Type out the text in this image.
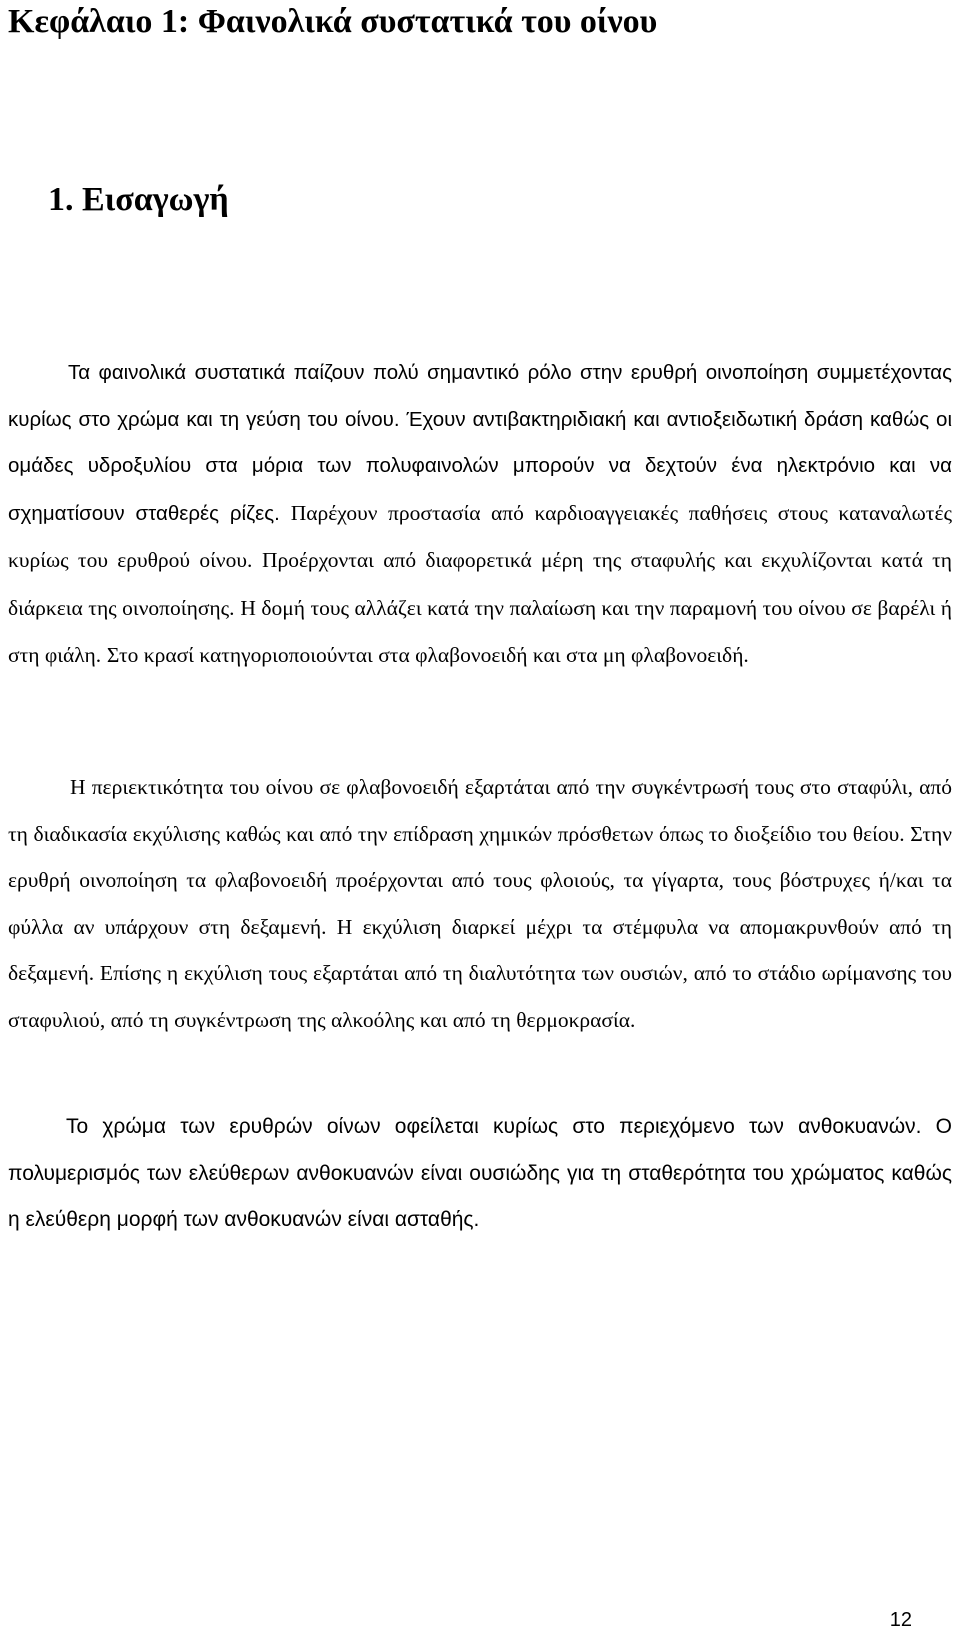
Κεφάλαιο 1: Φαινολικά συστατικά του οίνου
1. Εισαγωγή

Τα φαινολικά συστατικά παίζουν πολύ σημαντικό ρόλο στην ερυθρή οινοποίηση συμμετέχοντας κυρίως στο χρώμα και τη γεύση του οίνου. Έχουν αντιβακτηριδιακή και αντιοξειδωτική δράση καθώς οι ομάδες υδροξυλίου στα μόρια των πολυφαινολών μπορούν να δεχτούν ένα ηλεκτρόνιο και να σχηματίσουν σταθερές ρίζες. Παρέχουν προστασία από καρδιοαγγειακές παθήσεις στους καταναλωτές κυρίως του ερυθρού οίνου. Προέρχονται από διαφορετικά μέρη της σταφυλής και εκχυλίζονται κατά τη διάρκεια της οινοποίησης. Η δομή τους αλλάζει κατά την παλαίωση και την παραμονή του οίνου σε βαρέλι ή στη φιάλη. Στο κρασί κατηγοριοποιούνται στα φλαβονοειδή και στα μη φλαβονοειδή.

Η περιεκτικότητα του οίνου σε φλαβονοειδή εξαρτάται από την συγκέντρωσή τους στο σταφύλι, από τη διαδικασία εκχύλισης καθώς και από την επίδραση χημικών πρόσθετων όπως το διοξείδιο του θείου. Στην ερυθρή οινοποίηση τα φλαβονοειδή προέρχονται από τους φλοιούς, τα γίγαρτα, τους βόστρυχες ή/και τα φύλλα αν υπάρχουν στη δεξαμενή. Η εκχύλιση διαρκεί μέχρι τα στέμφυλα να απομακρυνθούν από τη δεξαμενή. Επίσης η εκχύλιση τους εξαρτάται από τη διαλυτότητα των ουσιών, από το στάδιο ωρίμανσης του σταφυλιού, από τη συγκέντρωση της αλκοόλης και από τη θερμοκρασία.

Το χρώμα των ερυθρών οίνων οφείλεται κυρίως στο περιεχόμενο των ανθοκυανών. Ο πολυμερισμός των ελεύθερων ανθοκυανών είναι ουσιώδης για τη σταθερότητα του χρώματος καθώς η ελεύθερη μορφή των ανθοκυανών είναι ασταθής.

12
